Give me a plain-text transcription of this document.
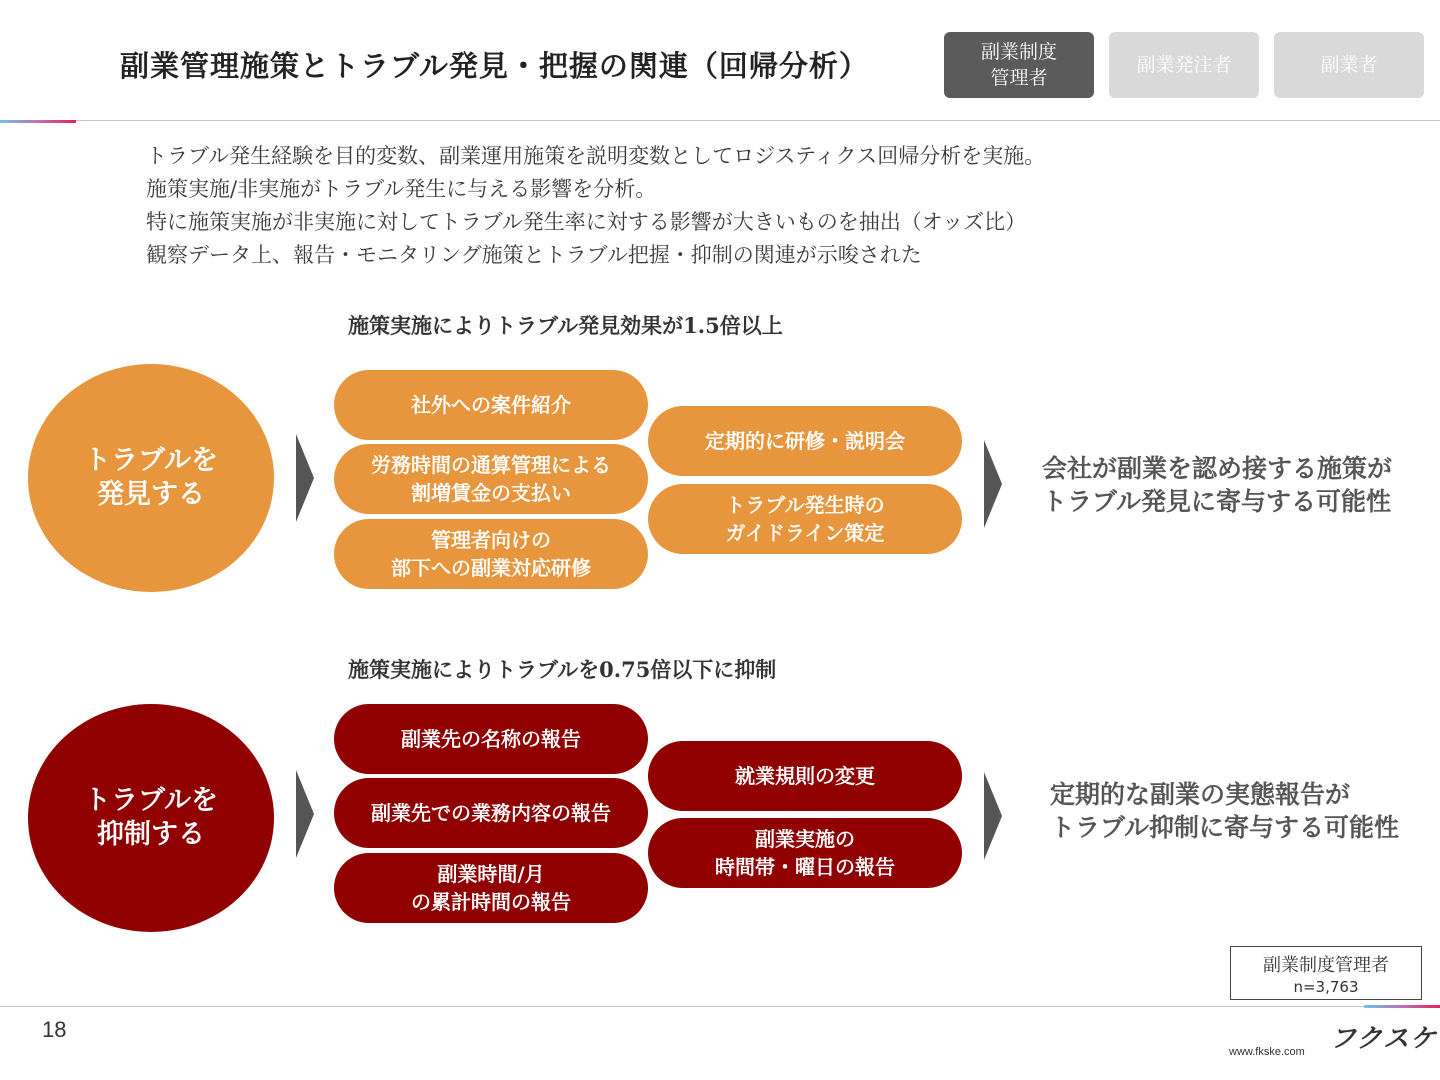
副業管理施策とトラブル発見・把握の関連（回帰分析）	副業制度
管理者
副業発注者	副業者
トラブル発生経験を目的変数、副業運用施策を説明変数としてロジスティクス回帰分析を実施。
施策実施/非実施がトラブル発生に与える影響を分析。
特に施策実施が非実施に対してトラブル発生率に対する影響が大きいものを抽出（オッズ比）
観察データ上、報告・モニタリング施策とトラブル把握・抑制の関連が示唆された
施策実施によりトラブル発見効果が1.5倍以上
トラブルを
発見する
社外への案件紹介
労務時間の通算管理による
割増賃金の支払い
管理者向けの
部下への副業対応研修
定期的に研修・説明会
トラブル発生時の
ガイドライン策定
会社が副業を認め接する施策が
トラブル発見に寄与する可能性
施策実施によりトラブルを0.75倍以下に抑制
トラブルを
抑制する
副業先の名称の報告
副業先での業務内容の報告
副業時間/月
の累計時間の報告
就業規則の変更
副業実施の
時間帯・曜日の報告
定期的な副業の実態報告が
トラブル抑制に寄与する可能性
副業制度管理者
n=3,763
18	フクスケ
www.fkske.com
